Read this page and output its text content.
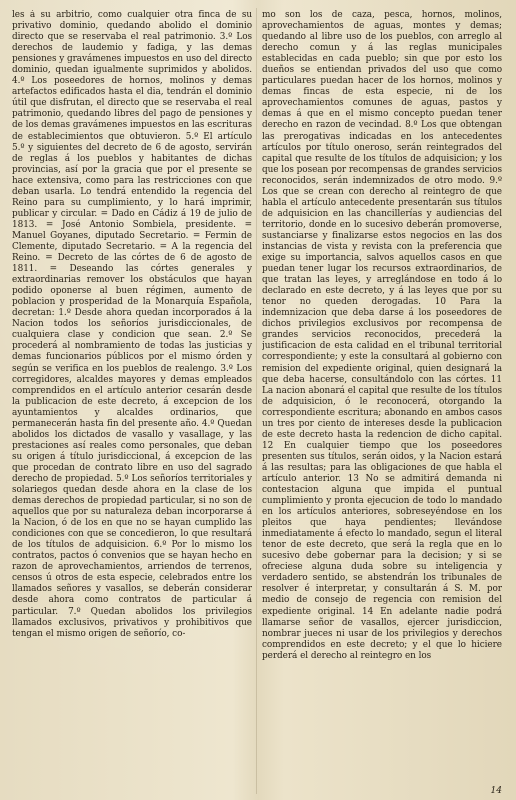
les á su arbitrio, como cualquier otra finca de su privativo dominio, quedando abolido el dominio directo que se reservaba el real patrimonio. 3.º Los derechos de laudemio y fadiga, y las demas pensiones y gravámenes impuestos en uso del directo dominio, quedan igualmente suprimidos y abolidos. 4.º Los poseedores de hornos, molinos y demas artefactos edificados hasta el dia, tendrán el dominio útil que disfrutan, el directo que se reservaba el real patrimonio, quedando libres del pago de pensiones y de los demas gravámenes impuestos en las escrituras de establecimientos que obtuvieron. 5.º El artículo 5.º y siguientes del decreto de 6 de agosto, servirán de reglas á los pueblos y habitantes de dichas provincias, así por la gracia que por el presente se hace extensiva, como para las restricciones con que deban usarla. Lo tendrá entendido la regencia del Reino para su cumplimiento, y lo hará imprimir, publicar y circular. = Dado en Cádiz á 19 de julio de 1813. = José Antonio Sombiela, presidente. = Manuel Goyanes, diputado Secretario. = Fermin de Clemente, diputado Secretario. = A la regencia del Reino. = Decreto de las córtes de 6 de agosto de 1811. = Deseando las córtes generales y extraordinarias remover los obstáculos que hayan podido oponerse al buen régimen, aumento de poblacion y prosperidad de la Monarquía Española, decretan: 1.º Desde ahora quedan incorporados á la Nacion todos los señoríos jurisdiccionales, de cualquiera clase y condicion que sean. 2.º Se procederá al nombramiento de todas las justicias y demas funcionarios públicos por el mismo órden y según se verifica en los pueblos de realengo. 3.º Los corregidores, alcaldes mayores y demas empleados comprendidos en el artículo anterior cesarán desde la publicacion de este decreto, á excepcion de los ayuntamientos y alcaldes ordinarios, que permanecerán hasta fin del presente año. 4.º Quedan abolidos los dictados de vasallo y vasallage, y las prestaciones así reales como personales, que deban su origen á título jurisdiccional, á excepcion de las que procedan de contrato libre en uso del sagrado derecho de propiedad. 5.º Los señoríos territoriales y solariegos quedan desde ahora en la clase de los demas derechos de propiedad particular, si no son de aquellos que por su naturaleza deban incorporarse á la Nacion, ó de los en que no se hayan cumplido las condiciones con que se concedieron, lo que resultará de los títulos de adquisicion. 6.º Por lo mismo los contratos, pactos ó convenios que se hayan hecho en razon de aprovechamientos, arriendos de terrenos, censos ú otros de esta especie, celebrados entre los llamados señores y vasallos, se deberán considerar desde ahora como contratos de particular á particular. 7.º Quedan abolidos los privilegios llamados exclusivos, privativos y prohibitivos que tengan el mismo origen de señorío, co-

mo son los de caza, pesca, hornos, molinos, aprovechamientos de aguas, montes y demas; quedando al libre uso de los pueblos, con arreglo al derecho comun y á las reglas municipales establecidas en cada pueblo; sin que por esto los dueños se entiendan privados del uso que como particulares puedan hacer de los hornos, molinos y demas fincas de esta especie, ni de los aprovechamientos comunes de aguas, pastos y demas á que en el mismo concepto puedan tener derecho en razon de vecindad. 8.º Los que obtengan las prerogativas indicadas en los antecedentes artículos por título oneroso, serán reintegrados del capital que resulte de los títulos de adquisicion; y los que los posean por recompensas de grandes servicios reconocidos, serán indemnizados de otro modo. 9.º Los que se crean con derecho al reintegro de que habla el artículo antecedente presentarán sus títulos de adquisicion en las chancillerías y audiencias del territorio, donde en lo sucesivo deberán promoverse, sustanciarse y finalizarse estos negocios en las dos instancias de vista y revista con la preferencia que exige su importancia, salvos aquellos casos en que puedan tener lugar los recursos extraordinarios, de que tratan las leyes, y arreglándose en todo á lo declarado en este decreto, y á las leyes que por su tenor no queden derogadas. 10 Para la indemnizacion que deba darse á los poseedores de dichos privilegios exclusivos por recompensa de grandes servicios reconocidos, precederá la justificacion de esta calidad en el tribunal territorial correspondiente; y este la consultará al gobierno con remision del expediente original, quien designará la que deba hacerse, consultándolo con las córtes. 11 La nacion abonará el capital que resulte de los títulos de adquisicion, ó le reconocerá, otorgando la correspondiente escritura; abonando en ambos casos un tres por ciento de intereses desde la publicacion de este decreto hasta la redencion de dicho capital. 12 En cualquier tiempo que los poseedores presenten sus títulos, serán oidos, y la Nacion estará á las resultas; para las obligaciones de que habla el artículo anterior. 13 No se admitirá demanda ni contestacion alguna que impida el puntual cumplimiento y pronta ejecucion de todo lo mandado en los artículos anteriores, sobreseyéndose en los pleitos que haya pendientes; llevándose inmediatamente á efecto lo mandado, segun el literal tenor de este decreto, que será la regla que en lo sucesivo debe gobernar para la decision; y si se ofreciese alguna duda sobre su inteligencia y verdadero sentido, se abstendrán los tribunales de resolver é interpretar, y consultarán á S. M. por medio de consejo de regencia con remision del expediente original. 14 En adelante nadie podrá llamarse señor de vasallos, ejercer jurisdiccion, nombrar jueces ni usar de los privilegios y derechos comprendidos en este decreto; y el que lo hiciere perderá el derecho al reintegro en los

14
